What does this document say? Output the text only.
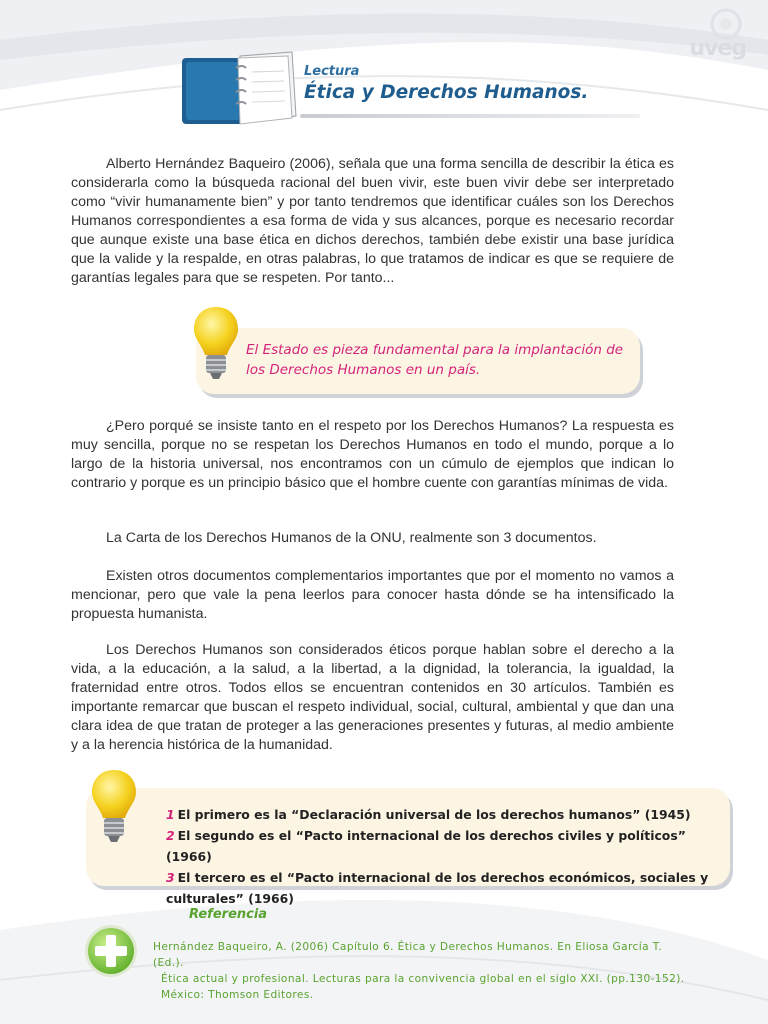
uveg
Lectura
Ética y Derechos Humanos.

Alberto Hernández Baqueiro (2006), señala que una forma sencilla de describir la ética es considerarla como la búsqueda racional del buen vivir, este buen vivir debe ser interpretado como “vivir humanamente bien” y por tanto tendremos que identificar cuáles son los Derechos Humanos correspondientes a esa forma de vida y sus alcances, porque es necesario recordar que aunque existe una base ética en dichos derechos, también debe existir una base jurídica que la valide y la respalde, en otras palabras, lo que tratamos de indicar es que se requiere de garantías legales para que se respeten. Por tanto...

El Estado es pieza fundamental para la implantación de los Derechos Humanos en un país.

¿Pero porqué se insiste tanto en el respeto por los Derechos Humanos? La respuesta es muy sencilla, porque no se respetan los Derechos Humanos en todo el mundo, porque a lo largo de la historia universal, nos encontramos con un cúmulo de ejemplos que indican lo contrario y porque es un principio básico que el hombre cuente con garantías mínimas de vida.

La Carta de los Derechos Humanos de la ONU, realmente son 3 documentos.

Existen otros documentos complementarios importantes que por el momento no vamos a mencionar, pero que vale la pena leerlos para conocer hasta dónde se ha intensificado la propuesta humanista.

Los Derechos Humanos son considerados éticos porque hablan sobre el derecho a la vida, a la educación, a la salud, a la libertad, a la dignidad, la tolerancia, la igualdad, la fraternidad entre otros. Todos ellos se encuentran contenidos en 30 artículos. También es importante remarcar que buscan el respeto individual, social, cultural, ambiental y que dan una clara idea de que tratan de proteger a las generaciones presentes y futuras, al medio ambiente y a la herencia histórica de la humanidad.

1 El primero es la “Declaración universal de los derechos humanos” (1945)
2 El segundo es el “Pacto internacional de los derechos civiles y políticos” (1966)
3 El tercero es el “Pacto internacional de los derechos económicos, sociales y culturales” (1966)
Referencia

Hernández Baqueiro, A. (2006) Capítulo 6. Ética y Derechos Humanos. En Eliosa García T. (Ed.).
Ética actual y profesional. Lecturas para la convivencia global en el siglo XXI. (pp.130-152).
México: Thomson Editores.
